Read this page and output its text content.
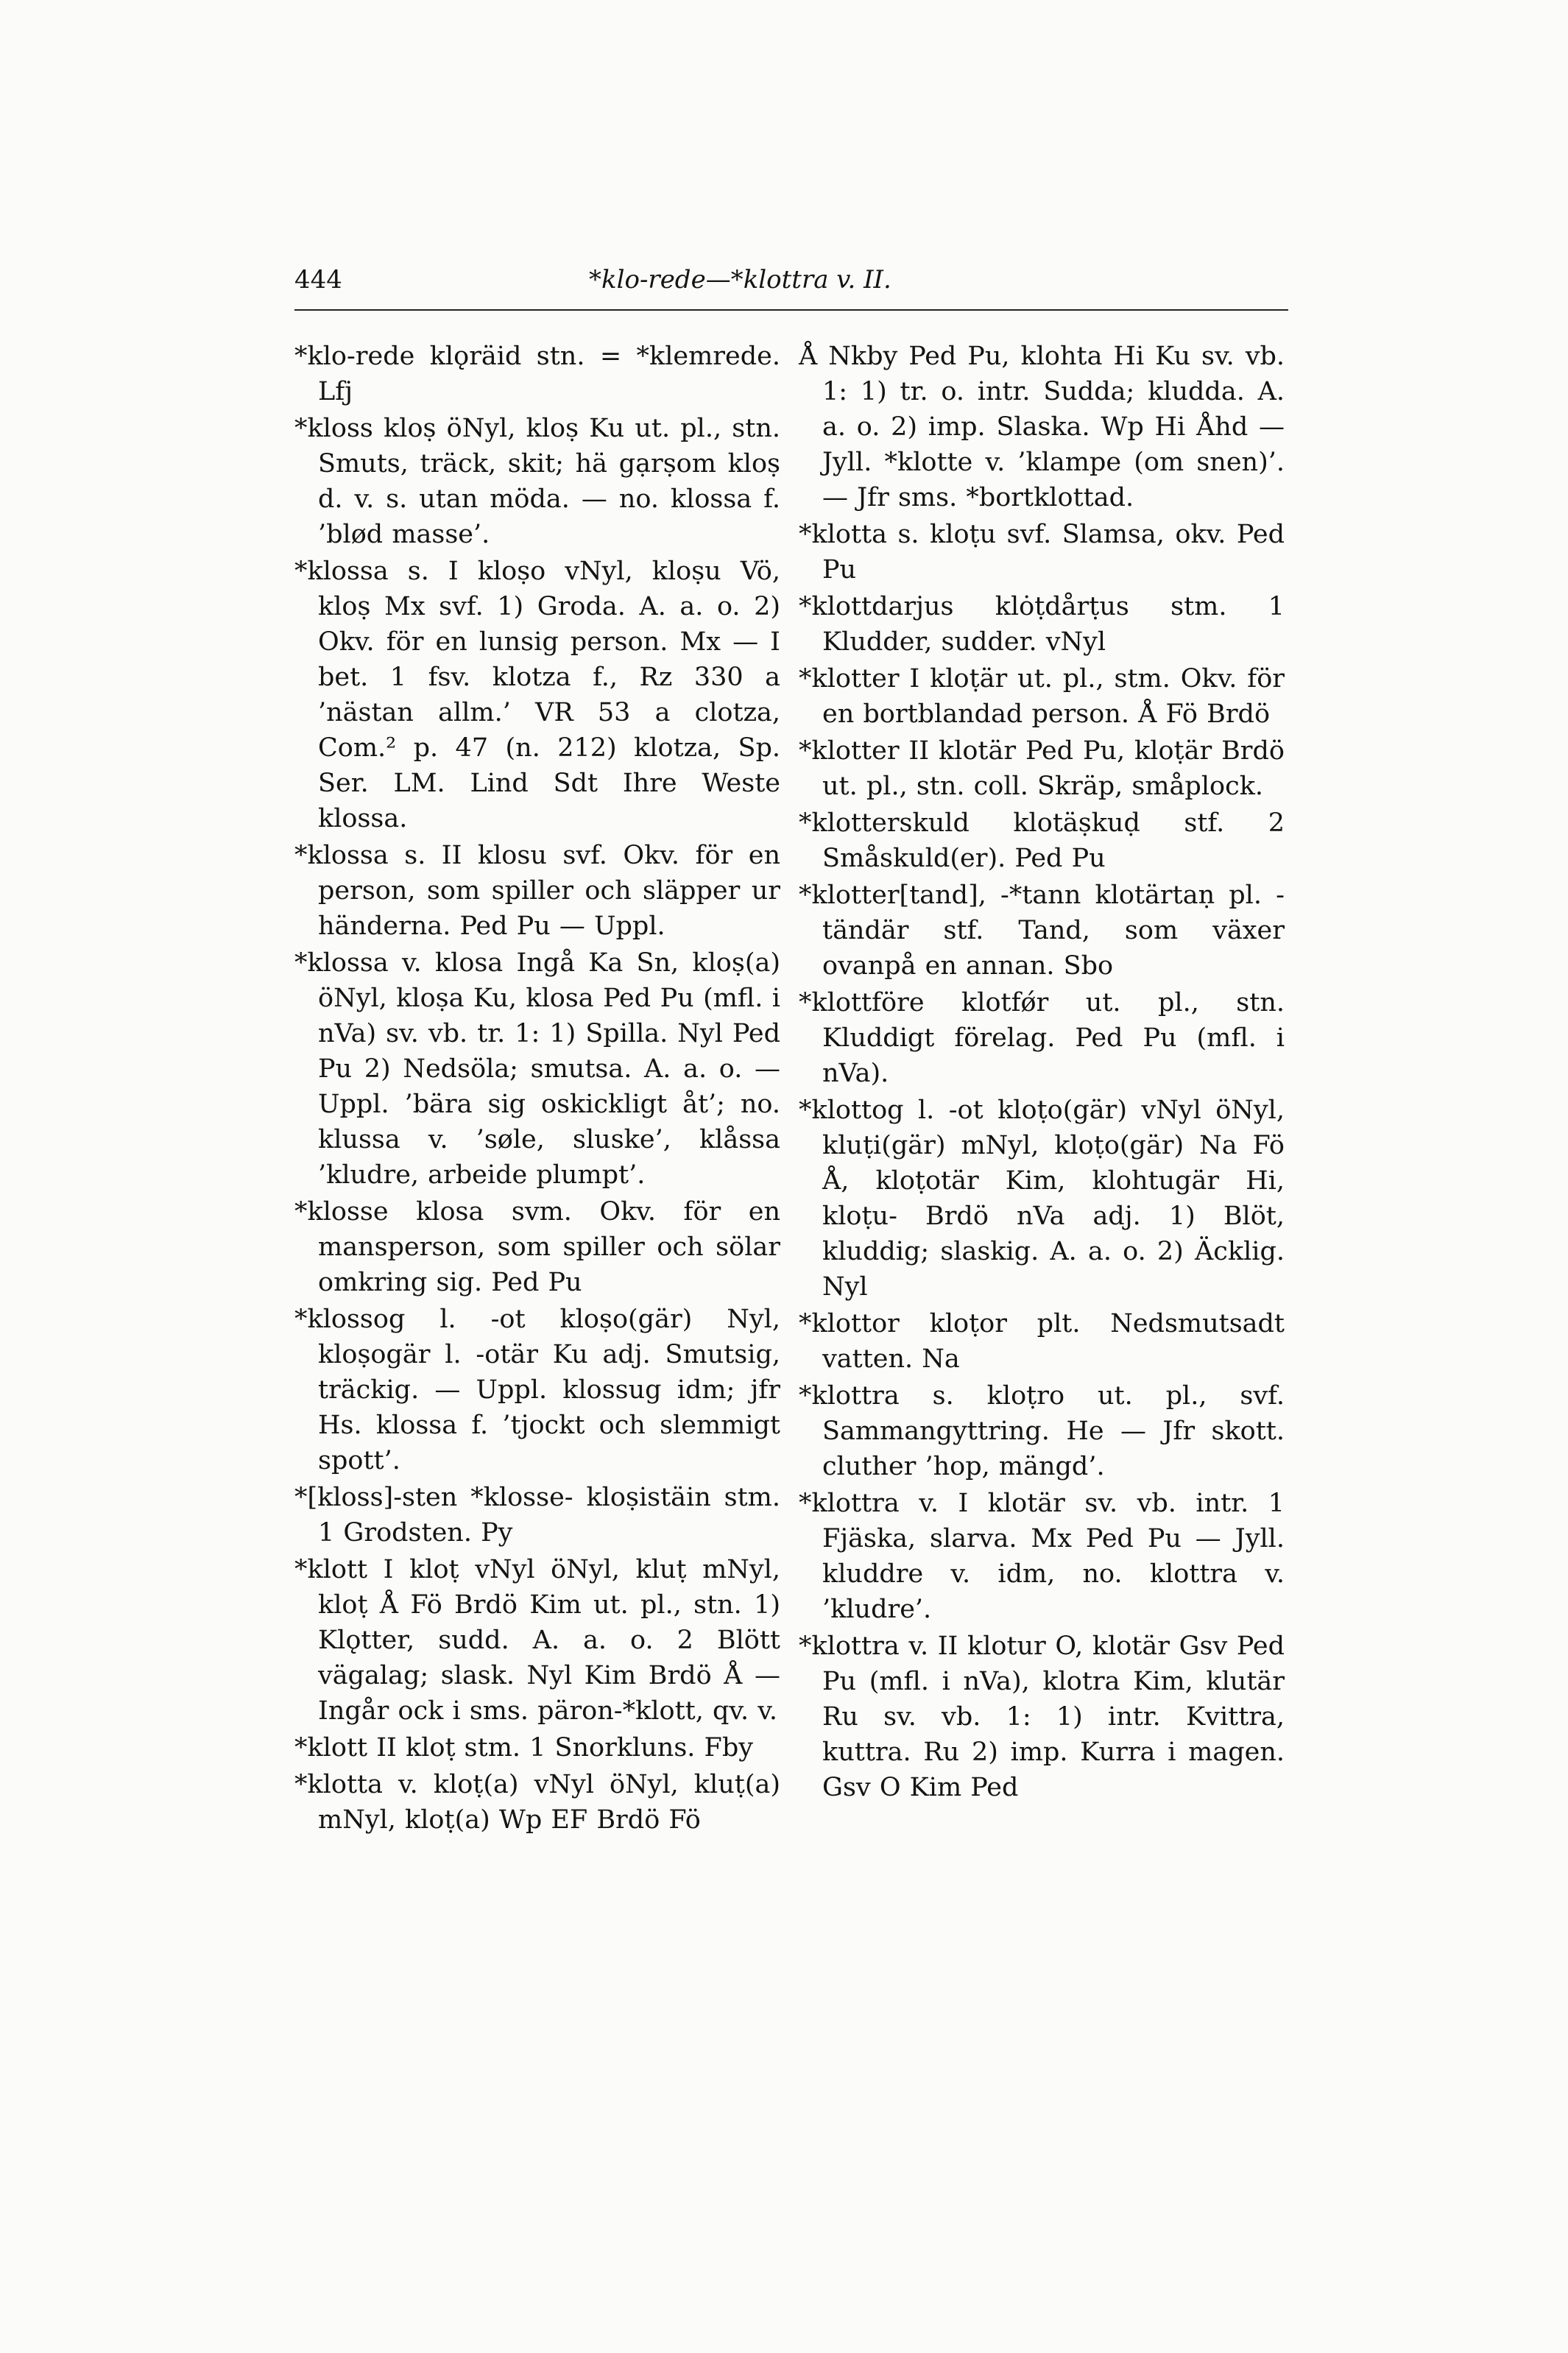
444	*klo-rede—*klottra v. II.

*klo-rede klǫräid stn. = *klemrede. Lfj

*kloss kloṣ öNyl, kloṣ Ku ut. pl., stn. Smuts, träck, skit; hä gạrṣom kloṣ d. v. s. utan möda. — no. klossa f. ’blød masse’.

*klossa s. I kloṣo vNyl, kloṣu Vö, kloṣ Mx svf. 1) Groda. A. a. o. 2) Okv. för en lunsig person. Mx — I bet. 1 fsv. klotza f., Rz 330 a ’nästan allm.’ VR 53 a clotza, Com.² p. 47 (n. 212) klotza, Sp. Ser. LM. Lind Sdt Ihre Weste klossa.

*klossa s. II klosu svf. Okv. för en person, som spiller och släpper ur händerna. Ped Pu — Uppl.

*klossa v. klosa Ingå Ka Sn, kloṣ(a) öNyl, kloṣa Ku, klosa Ped Pu (mfl. i nVa) sv. vb. tr. 1: 1) Spilla. Nyl Ped Pu 2) Nedsöla; smutsa. A. a. o. — Uppl. ’bära sig oskickligt åt’; no. klussa v. ’søle, sluske’, klåssa ’kludre, arbeide plumpt’.

*klosse klosa svm. Okv. för en mansperson, som spiller och sölar omkring sig. Ped Pu

*klossog l. -ot kloṣo(gär) Nyl, kloṣogär l. -otär Ku adj. Smutsig, träckig. — Uppl. klossug idm; jfr Hs. klossa f. ’tjockt och slemmigt spott’.

*[kloss]-sten *klosse- kloṣistäin stm. 1 Grodsten. Py

*klott I kloṭ vNyl öNyl, kluṭ mNyl, kloṭ Å Fö Brdö Kim ut. pl., stn. 1) Klǫtter, sudd. A. a. o. 2 Blött vägalag; slask. Nyl Kim Brdö Å — Ingår ock i sms. päron-*klott, qv. v.

*klott II kloṭ stm. 1 Snorkluns. Fby

*klotta v. kloṭ(a) vNyl öNyl, kluṭ(a) mNyl, kloṭ(a) Wp EF Brdö Fö

Å Nkby Ped Pu, klohta Hi Ku sv. vb. 1: 1) tr. o. intr. Sudda; kludda. A. a. o. 2) imp. Slaska. Wp Hi Åhd — Jyll. *klotte v. ’klampe (om snen)’. — Jfr sms. *bortklottad.

*klotta s. kloṭu svf. Slamsa, okv. Ped Pu

*klottdarjus klȯṭdårṭus stm. 1 Kludder, sudder. vNyl

*klotter I kloṭär ut. pl., stm. Okv. för en bortblandad person. Å Fö Brdö

*klotter II klotär Ped Pu, kloṭär Brdö ut. pl., stn. coll. Skräp, småplock.

*klotterskuld klotäṣkuḍ stf. 2 Småskuld(er). Ped Pu

*klotter[tand], -*tann klotärtaṇ pl. -tändär stf. Tand, som växer ovanpå en annan. Sbo

*klottföre klotfǿr ut. pl., stn. Kluddigt förelag. Ped Pu (mfl. i nVa).

*klottog l. -ot kloṭo(gär) vNyl öNyl, kluṭi(gär) mNyl, kloṭo(gär) Na Fö Å, kloṭotär Kim, klohtugär Hi, kloṭu- Brdö nVa adj. 1) Blöt, kluddig; slaskig. A. a. o. 2) Äcklig. Nyl

*klottor kloṭor plt. Nedsmutsadt vatten. Na

*klottra s. kloṭro ut. pl., svf. Sammangyttring. He — Jfr skott. cluther ’hop, mängd’.

*klottra v. I klotär sv. vb. intr. 1 Fjäska, slarva. Mx Ped Pu — Jyll. kluddre v. idm, no. klottra v. ’kludre’.

*klottra v. II klotur O, klotär Gsv Ped Pu (mfl. i nVa), klotra Kim, klutär Ru sv. vb. 1: 1) intr. Kvittra, kuttra. Ru 2) imp. Kurra i magen. Gsv O Kim Ped
